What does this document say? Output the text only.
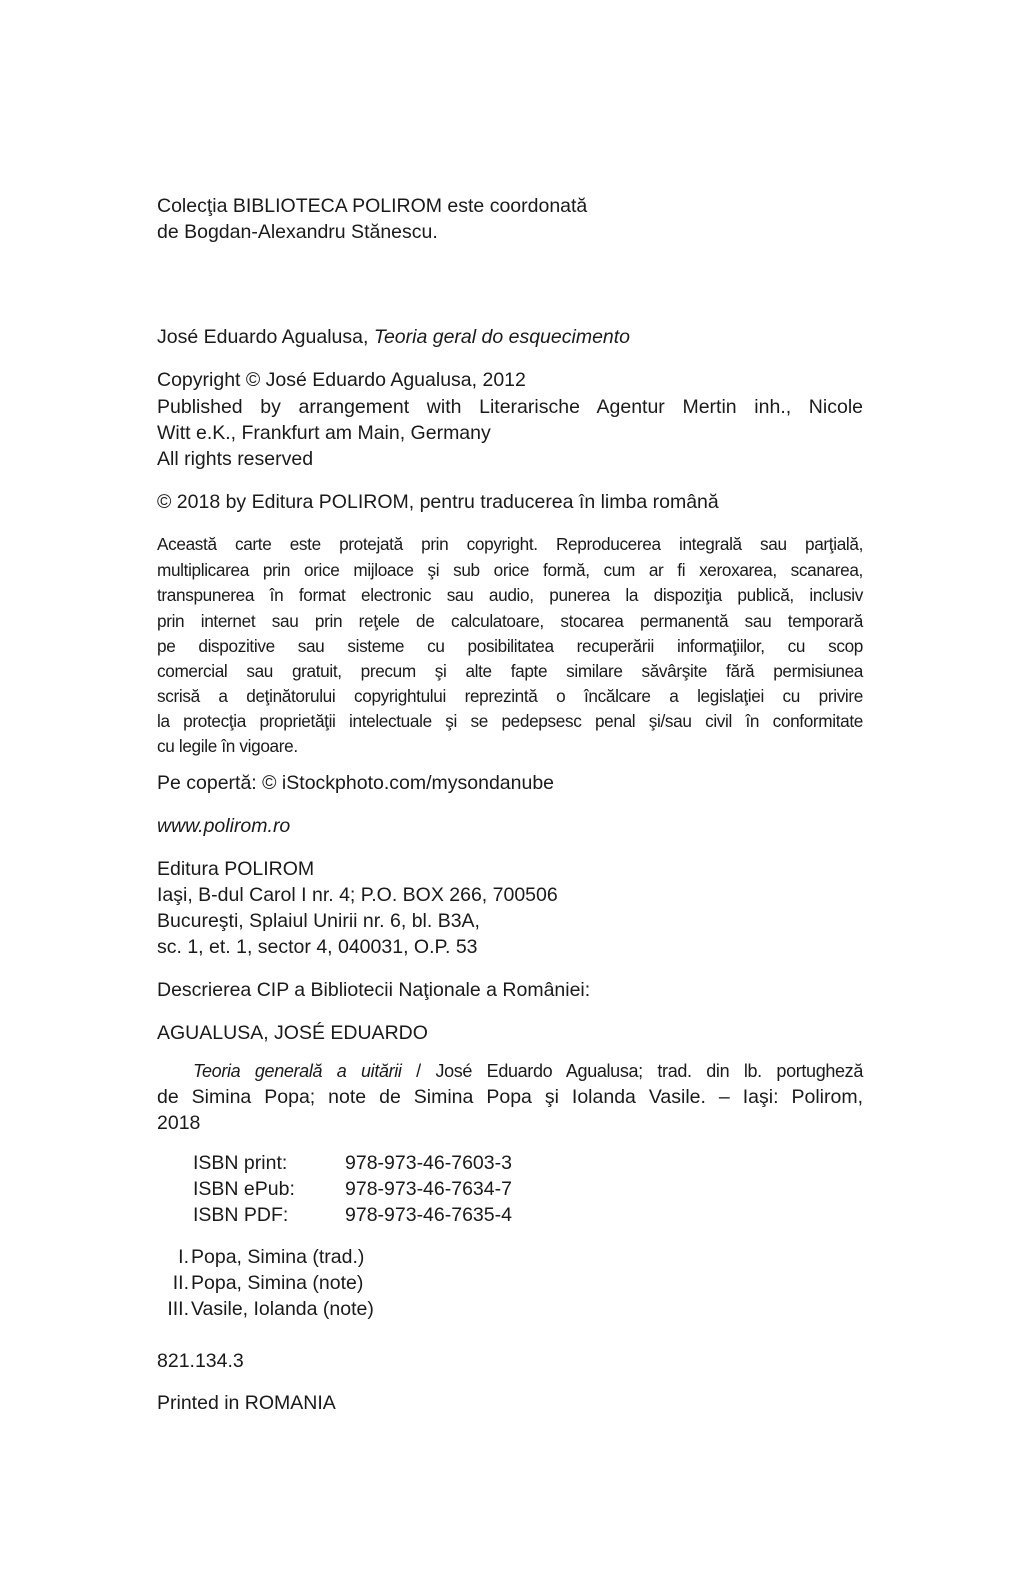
Colecţia BIBLIOTECA POLIROM este coordonată
de Bogdan-Alexandru Stănescu.
José Eduardo Agualusa, Teoria geral do esquecimento
Copyright © José Eduardo Agualusa, 2012
Published by arrangement with Literarische Agentur Mertin inh., Nicole
Witt e.K., Frankfurt am Main, Germany
All rights reserved
© 2018 by Editura POLIROM, pentru traducerea în limba română
Această carte este protejată prin copyright. Reproducerea integrală sau parţială,
multiplicarea prin orice mijloace şi sub orice formă, cum ar fi xeroxarea, scanarea,
transpunerea în format electronic sau audio, punerea la dispoziţia publică, inclusiv
prin internet sau prin reţele de calculatoare, stocarea permanentă sau temporară
pe dispozitive sau sisteme cu posibilitatea recuperării informaţiilor, cu scop
comercial sau gratuit, precum şi alte fapte similare săvârşite fără permisiunea
scrisă a deţinătorului copyrightului reprezintă o încălcare a legislaţiei cu privire
la protecţia proprietăţii intelectuale şi se pedepsesc penal şi/sau civil în conformitate
cu legile în vigoare.
Pe copertă: © iStockphoto.com/mysondanube
www.polirom.ro
Editura POLIROM
Iaşi, B-dul Carol I nr. 4; P.O. BOX 266, 700506
Bucureşti, Splaiul Unirii nr. 6, bl. B3A,
sc. 1, et. 1, sector 4, 040031, O.P. 53
Descrierea CIP a Bibliotecii Naţionale a României:
AGUALUSA, JOSÉ EDUARDO
Teoria generală a uitării / José Eduardo Agualusa; trad. din lb. portugheză
de Simina Popa; note de Simina Popa şi Iolanda Vasile. – Iaşi: Polirom,
2018
ISBN print:	978-973-46-7603-3
ISBN ePub:	978-973-46-7634-7
ISBN PDF:	978-973-46-7635-4
I. Popa, Simina (trad.)
II. Popa, Simina (note)
III. Vasile, Iolanda (note)
821.134.3
Printed in ROMANIA
